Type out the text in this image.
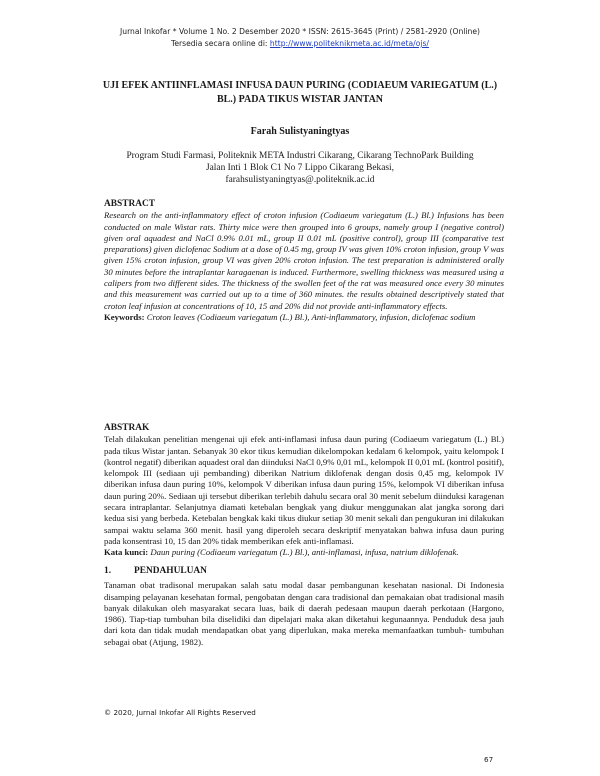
Jurnal Inkofar * Volume 1 No. 2 Desember 2020 * ISSN: 2615-3645 (Print) / 2581-2920 (Online)
Tersedia secara online di: http://www.politeknikmeta.ac.id/meta/ojs/
UJI EFEK ANTIINFLAMASI INFUSA DAUN PURING (CODIAEUM VARIEGATUM (L.) BL.) PADA TIKUS WISTAR JANTAN
Farah Sulistyaningtyas
Program Studi Farmasi, Politeknik META Industri Cikarang, Cikarang TechnoPark Building
Jalan Inti 1 Blok C1 No 7 Lippo Cikarang Bekasi,
farahsulistyaningtyas@.politeknik.ac.id
ABSTRACT
Research on the anti-inflammatory effect of croton infusion (Codiaeum variegatum (L.) Bl.) Infusions has been conducted on male Wistar rats. Thirty mice were then grouped into 6 groups, namely group I (negative control) given oral aquadest and NaCl 0.9% 0.01 mL, group II 0.01 mL (positive control), group III (comparative test preparations) given diclofenac Sodium at a dose of 0.45 mg, group IV was given 10% croton infusion, group V was given 15% croton infusion, group VI was given 20% croton infusion. The test preparation is administered orally 30 minutes before the intraplantar karagaenan is induced. Furthermore, swelling thickness was measured using a calipers from two different sides. The thickness of the swollen feet of the rat was measured once every 30 minutes and this measurement was carried out up to a time of 360 minutes. the results obtained descriptively stated that croton leaf infusion at concentrations of 10, 15 and 20% did not provide anti-inflammatory effects.
Keywords: Croton leaves (Codiaeum variegatum (L.) Bl.), Anti-inflammatory, infusion, diclofenac sodium
ABSTRAK
Telah dilakukan penelitian mengenai uji efek anti-inflamasi infusa daun puring (Codiaeum variegatum (L.) Bl.) pada tikus Wistar jantan. Sebanyak 30 ekor tikus kemudian dikelompokan kedalam 6 kelompok, yaitu kelompok I (kontrol negatif) diberikan aquadest oral dan diinduksi NaCl 0,9% 0,01 mL, kelompok II 0,01 mL (kontrol positif), kelompok III (sediaan uji pembanding) diberikan Natrium diklofenak dengan dosis 0,45 mg, kelompok IV diberikan infusa daun puring 10%, kelompok V diberikan infusa daun puring 15%, kelompok VI diberikan infusa daun puring 20%. Sediaan uji tersebut diberikan terlebih dahulu secara oral 30 menit sebelum diinduksi karagenan secara intraplantar. Selanjutnya diamati ketebalan bengkak yang diukur menggunakan alat jangka sorong dari kedua sisi yang berbeda. Ketebalan bengkak kaki tikus diukur setiap 30 menit sekali dan pengukuran ini dilakukan sampai waktu selama 360 menit. hasil yang diperoleh secara deskriptif menyatakan bahwa infusa daun puring pada konsentrasi 10, 15 dan 20% tidak memberikan efek anti-inflamasi.
Kata kunci: Daun puring (Codiaeum variegatum (L.) Bl.), anti-inflamasi, infusa, natrium diklofenak.
1. PENDAHULUAN
Tanaman obat tradisonal merupakan salah satu modal dasar pembangunan kesehatan nasional. Di Indonesia disamping pelayanan kesehatan formal, pengobatan dengan cara tradisional dan pemakaian obat tradisional masih banyak dilakukan oleh masyarakat secara luas, baik di daerah pedesaan maupun daerah perkotaan (Hargono, 1986). Tiap-tiap tumbuhan bila diselidiki dan dipelajari maka akan diketahui kegunaannya. Penduduk desa jauh dari kota dan tidak mudah mendapatkan obat yang diperlukan, maka mereka memanfaatkan tumbuh- tumbuhan sebagai obat (Atjung, 1982).
© 2020, Jurnal Inkofar All Rights Reserved
67
